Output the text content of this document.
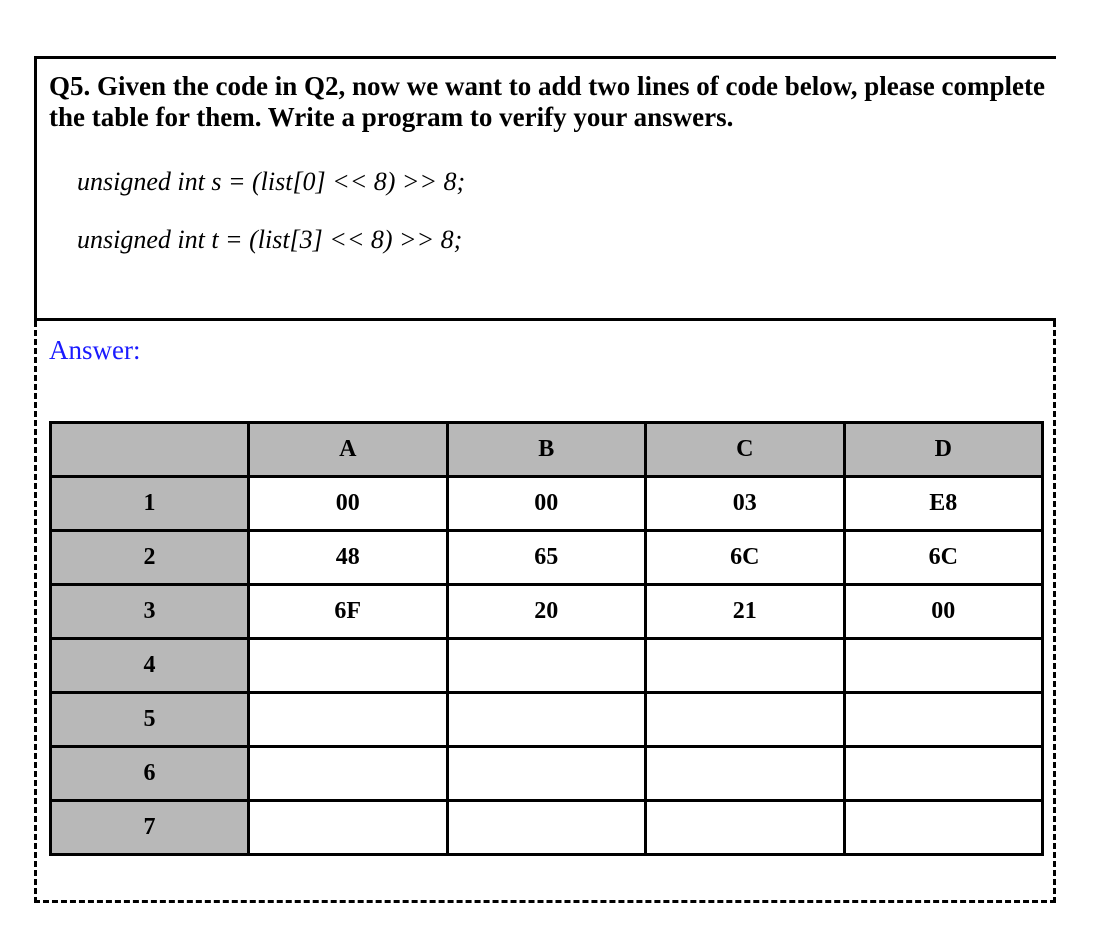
Q5. Given the code in Q2, now we want to add two lines of code below, please complete
the table for them. Write a program to verify your answers.
unsigned int s = (list[0] << 8) >> 8;
unsigned int t = (list[3] << 8) >> 8;
Answer:
	A	B	C	D
1	00	00	03	E8
2	48	65	6C	6C
3	6F	20	21	00
4				
5				
6				
7				
